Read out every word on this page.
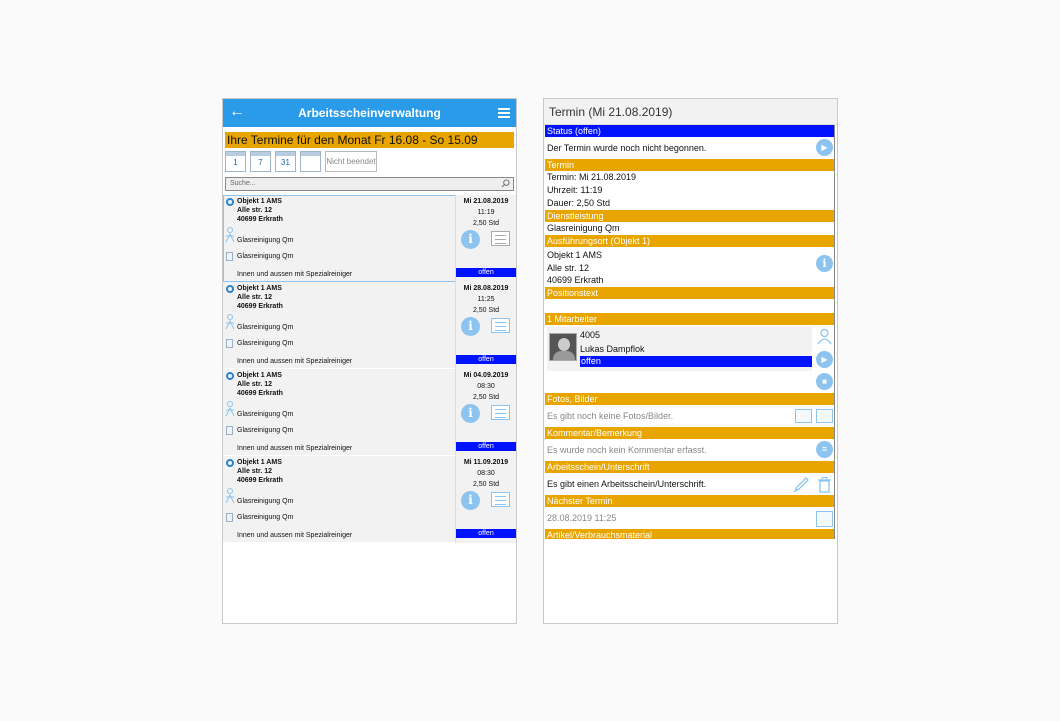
←	Arbeitsscheinverwaltung
Ihre Termine für den Monat Fr 16.08 - So 15.09
1	7	31	Nicht beendet
Suche...
Objekt 1 AMS
Alle str. 12
40699 Erkrath
Glasreinigung Qm
Glasreinigung Qm
Innen und aussen mit Spezialreiniger
Mi 21.08.2019
11:19
2,50 Std
i
offen
Objekt 1 AMS
Alle str. 12
40699 Erkrath
Glasreinigung Qm
Glasreinigung Qm
Innen und aussen mit Spezialreiniger
Mi 28.08.2019
11:25
2,50 Std
i
offen
Objekt 1 AMS
Alle str. 12
40699 Erkrath
Glasreinigung Qm
Glasreinigung Qm
Innen und aussen mit Spezialreiniger
Mi 04.09.2019
08:30
2,50 Std
i
offen
Objekt 1 AMS
Alle str. 12
40699 Erkrath
Glasreinigung Qm
Glasreinigung Qm
Innen und aussen mit Spezialreiniger
Mi 11.09.2019
08:30
2,50 Std
i
offen
Termin (Mi 21.08.2019)
Status (offen)
Der Termin wurde noch nicht begonnen.	▶
Termin
Termin: Mi 21.08.2019
Uhrzeit: 11:19
Dauer: 2,50 Std
Dienstleistung
Glasreinigung Qm
Ausführungsort (Objekt 1)
Objekt 1 AMS
Alle str. 12
40699 Erkrath
i
Positionstext
1 Mitarbeiter
4005
Lukas Dampflok
offen	▶
■
Fotos, Bilder
Es gibt noch keine Fotos/Bilder.
Kommentar/Bemerkung
Es wurde noch kein Kommentar erfasst.	≡
Arbeitsschein/Unterschrift
Es gibt einen Arbeitsschein/Unterschrift.
Nächster Termin
28.08.2019 11:25
Artikel/Verbrauchsmaterial
